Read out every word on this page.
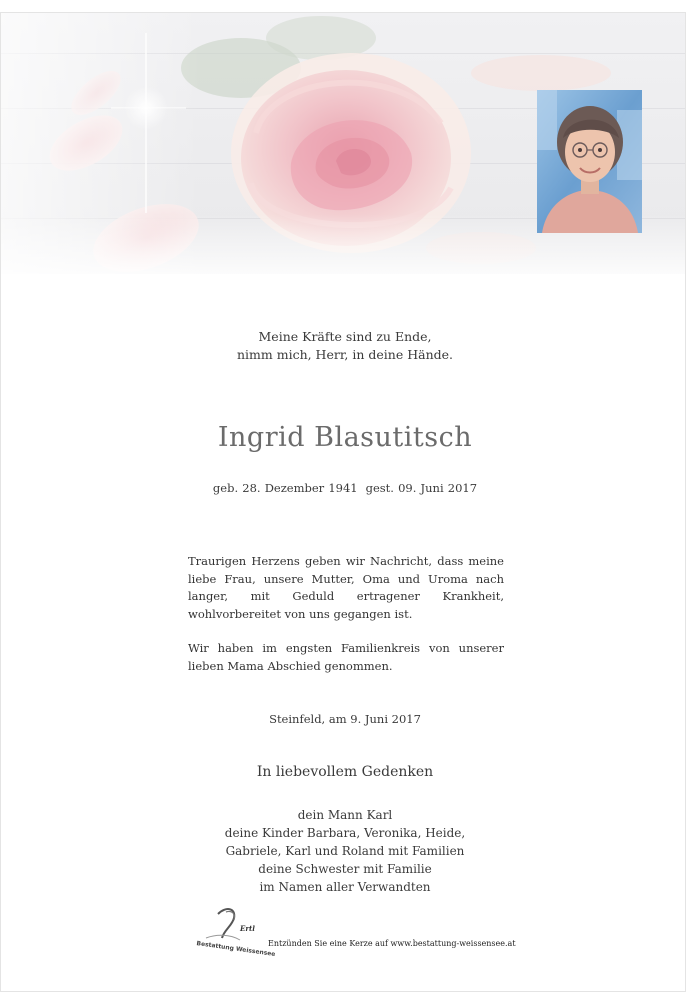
Meine Kräfte sind zu Ende,
nimm mich, Herr, in deine Hände.
Ingrid Blasutitsch
geb. 28. Dezember 1941 gest. 09. Juni 2017
Traurigen Herzens geben wir Nachricht, dass meine liebe Frau, unsere Mutter, Oma und Uroma nach langer, mit Geduld ertragener Krankheit, wohlvorbereitet von uns gegangen ist.
Wir haben im engsten Familienkreis von unserer lieben Mama Abschied genommen.
Steinfeld, am 9. Juni 2017
In liebevollem Gedenken
dein Mann Karl
deine Kinder Barbara, Veronika, Heide,
Gabriele, Karl und Roland mit Familien
deine Schwester mit Familie
im Namen aller Verwandten
Ertl
Bestattung Weissensee
Entzünden Sie eine Kerze auf www.bestattung-weissensee.at
